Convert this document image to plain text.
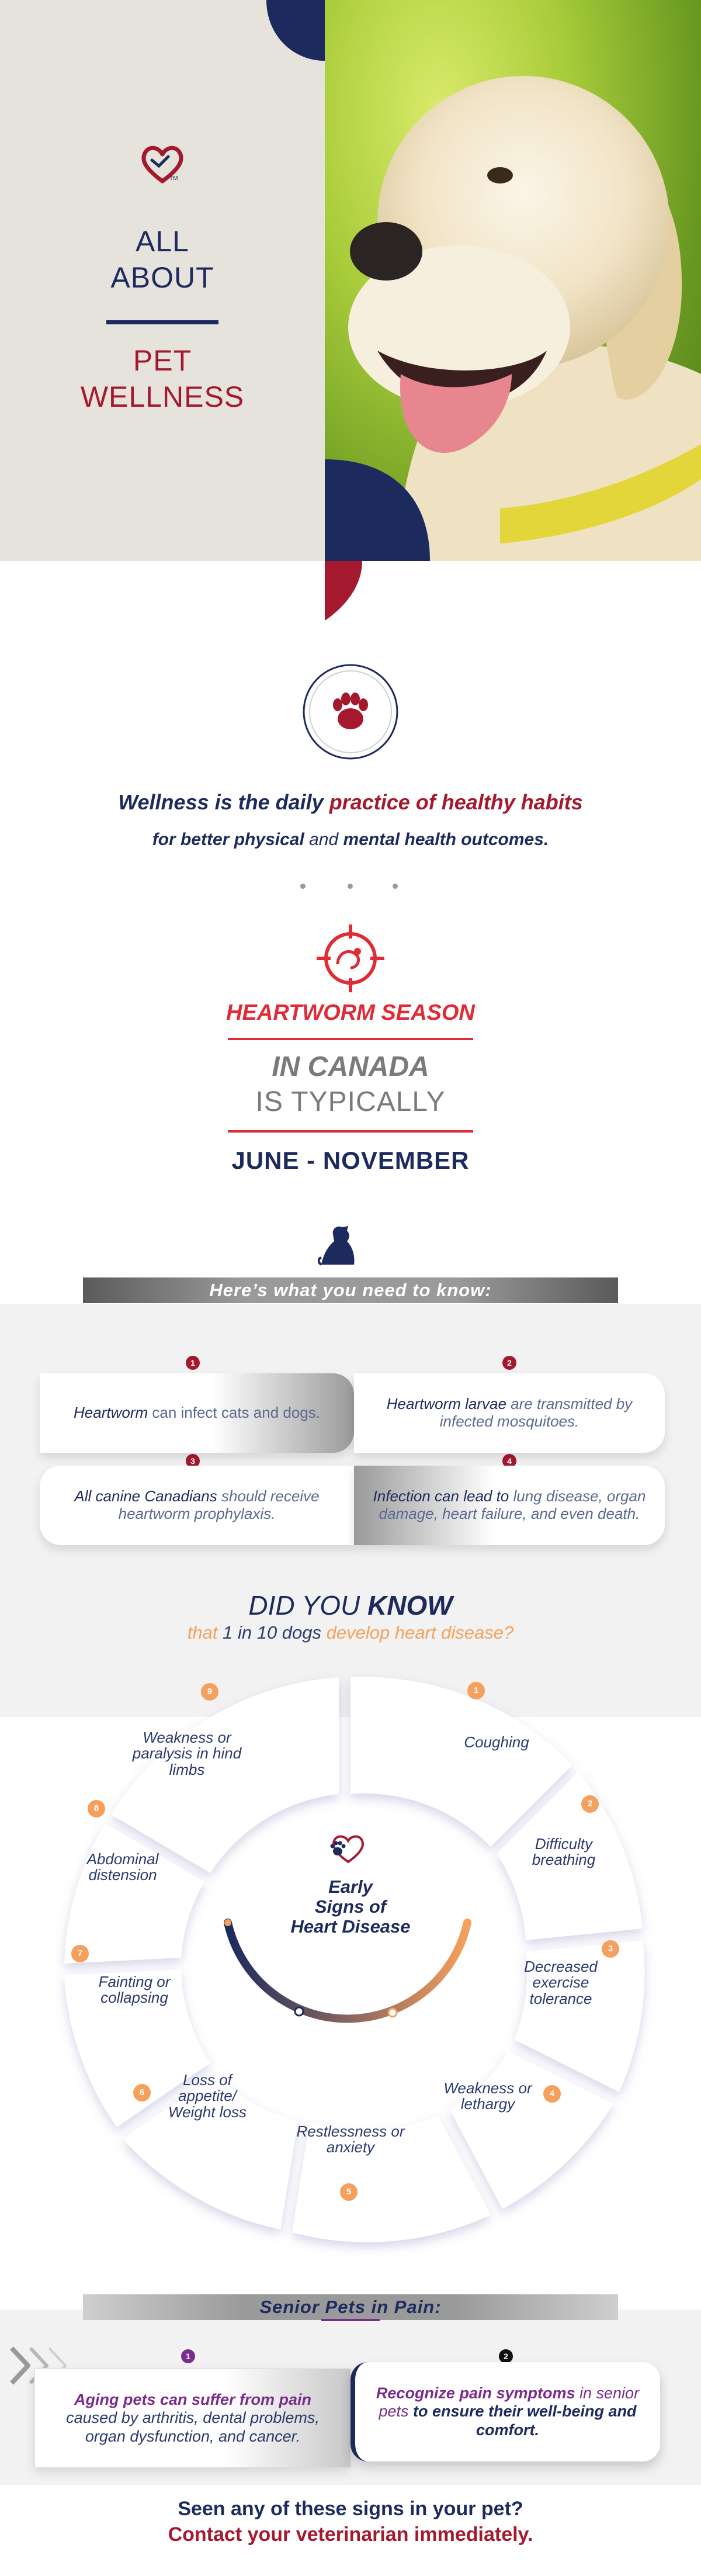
TM
ALL
ABOUT
PET
WELLNESS
Wellness is the daily practice of healthy habits
for better physical and mental health outcomes.
HEARTWORM SEASON
IN CANADA
IS TYPICALLY
JUNE - NOVEMBER
Here’s what you need to know:
1	2
3	4
Heartworm can infect cats and dogs.	Heartworm larvae are transmitted by infected mosquitoes.
All canine Canadians should receive heartworm prophylaxis.
Infection can lead to lung disease, organ damage, heart failure, and even death.
DID YOU KNOW
that 1 in 10 dogs develop heart disease?
Early
Signs of
Heart Disease
1
Coughing
2
Difficulty breathing
3
Decreased exercise tolerance
4
Weakness or lethargy
5
Restlessness or anxiety
6
Loss of appetite/ Weight loss
7
Fainting or collapsing
8
Abdominal distension
9
Weakness or paralysis in hind limbs
Senior Pets in Pain:
1	2
Aging pets can suffer from pain caused by arthritis, dental problems, organ dysfunction, and cancer.
Recognize pain symptoms in senior pets to ensure their well-being and comfort.
Seen any of these signs in your pet?
Contact your veterinarian immediately.
